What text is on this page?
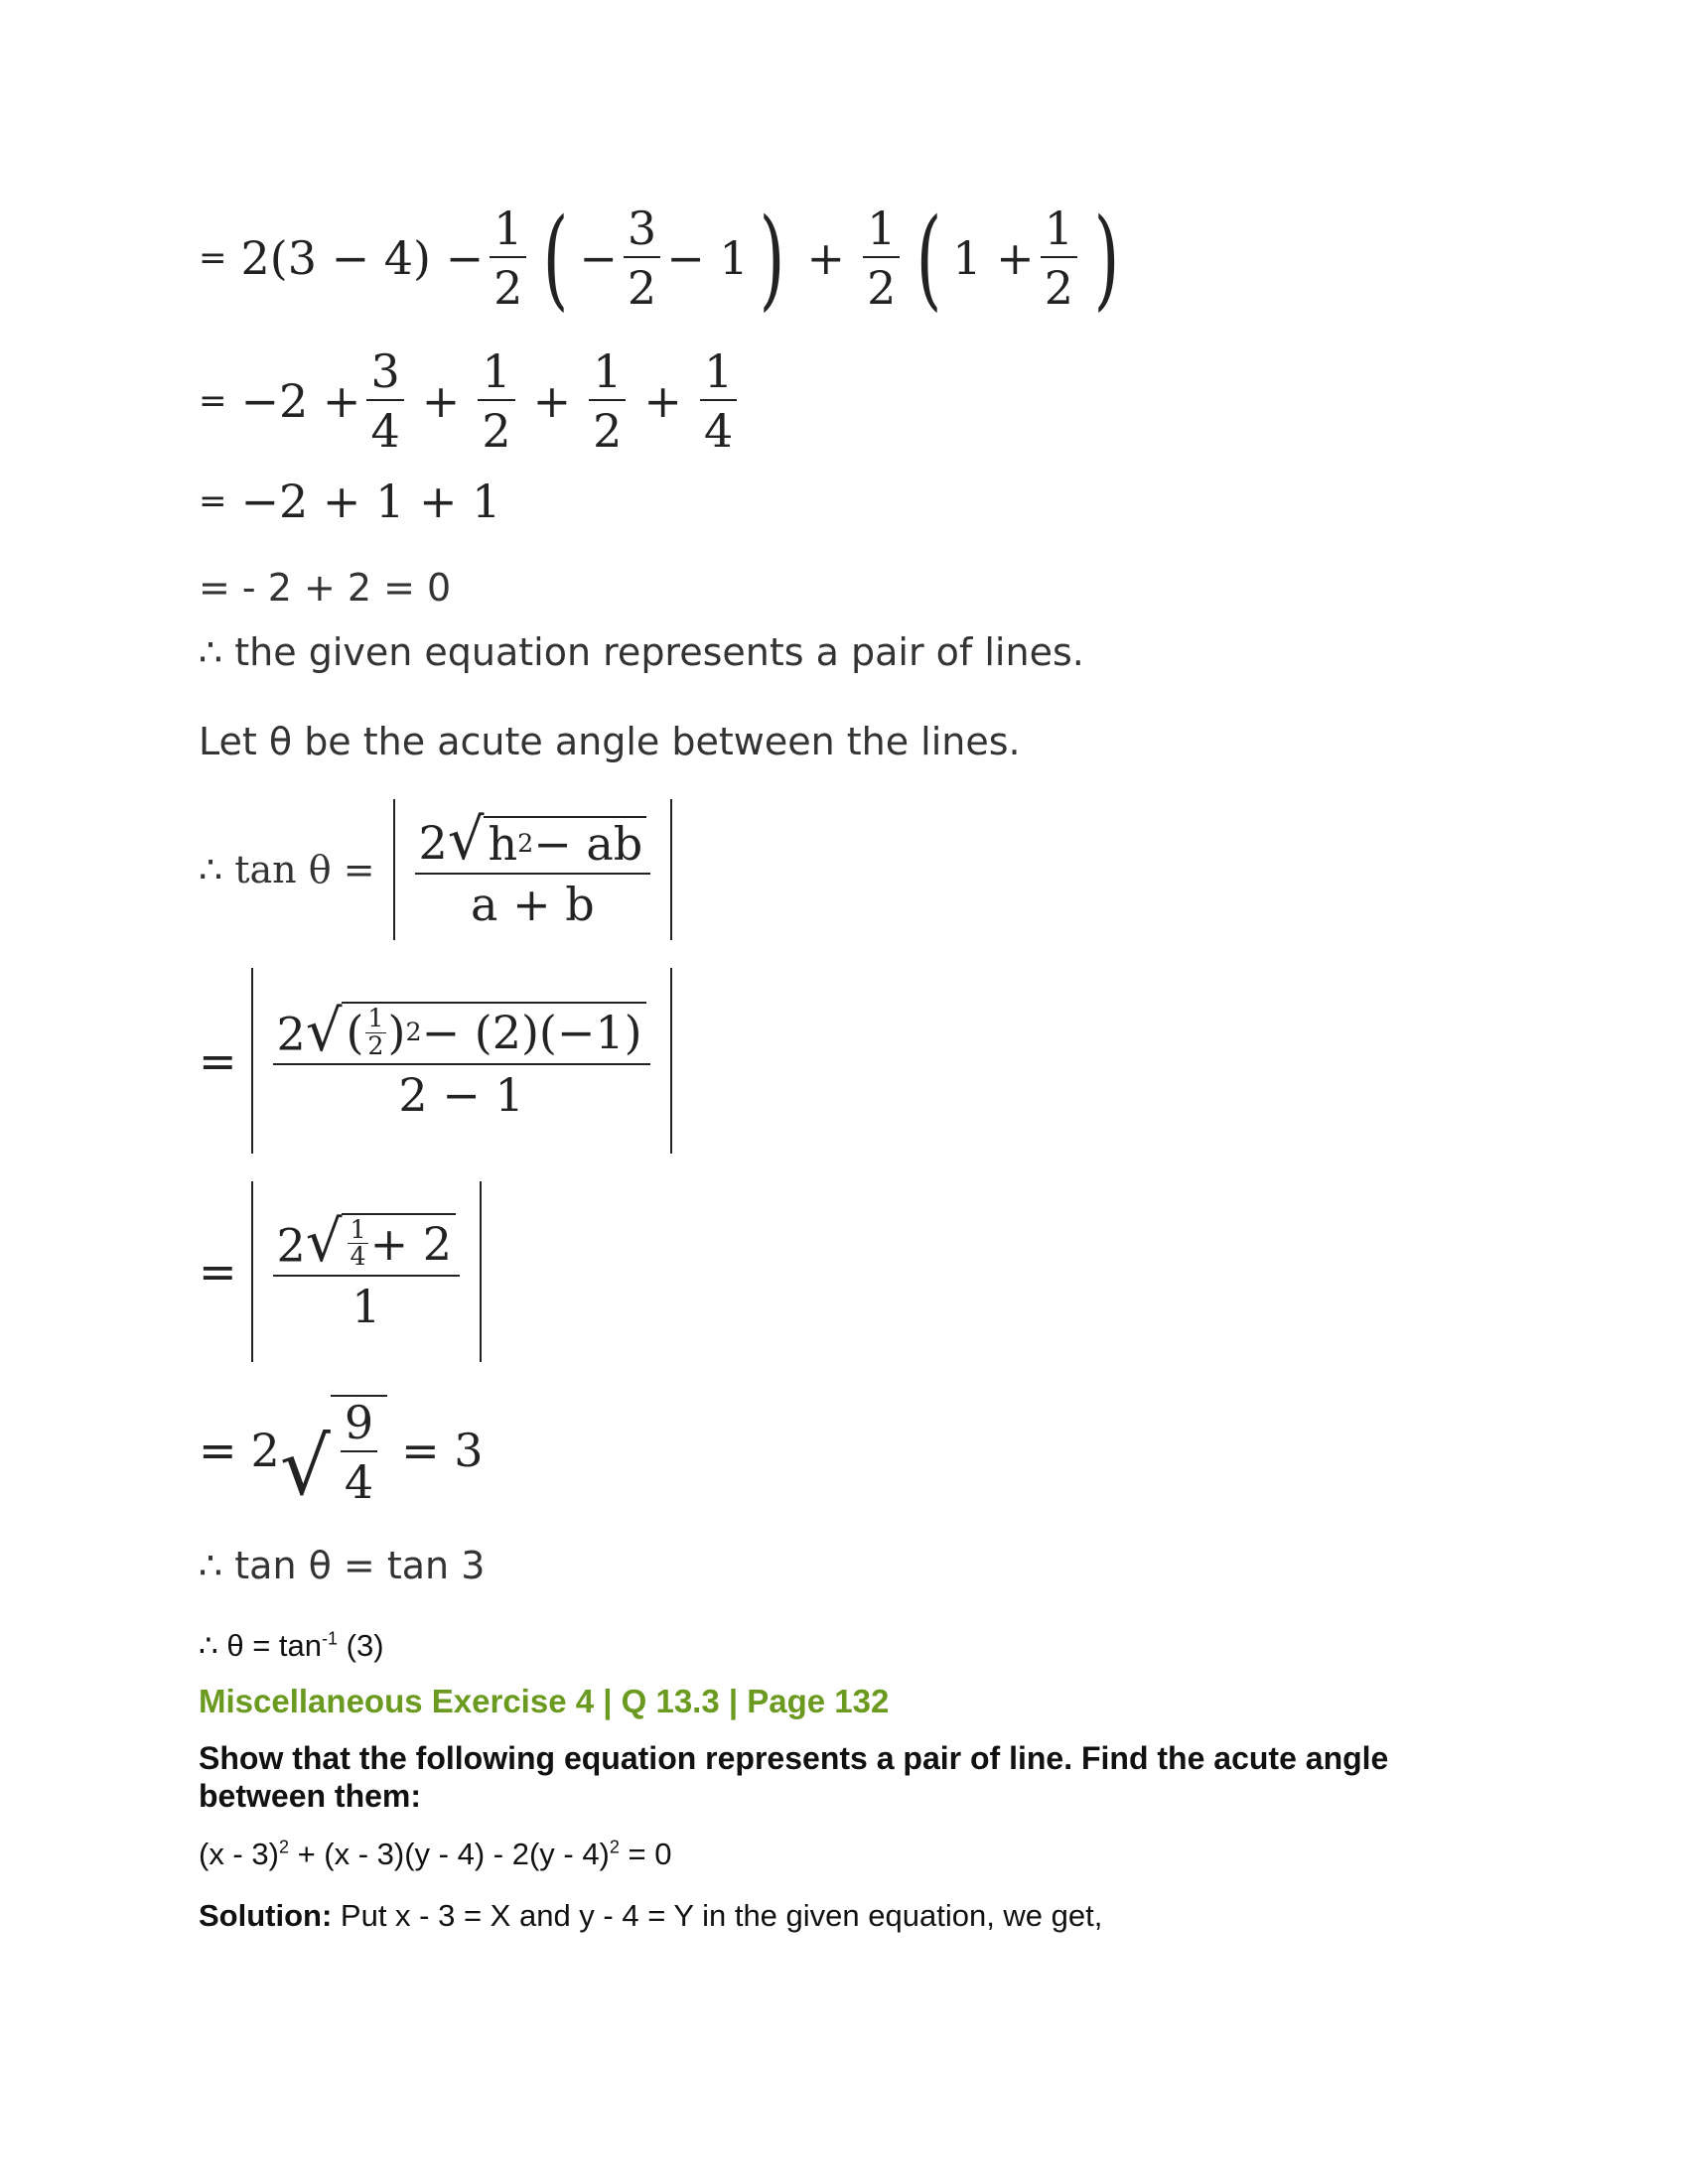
= $2(3 - 4) - \frac{1}{2}$ ( − $\frac{3}{2} - 1$ ) + $\frac{1}{2}$ ( $1 + \frac{1}{2}$ )
= $-2 + \frac{3}{4} + \frac{1}{2} + \frac{1}{2} + \frac{1}{4}$
= −2 + 1 + 1
= - 2 + 2 = 0
∴ the given equation represents a pair of lines.
Let θ be the acute angle between the lines.
∴ $\tan \theta = \frac{2 √ h 2 - ab}{a + b}$
= $\frac{2 √ ( \frac{1}{2} ) 2 - (2)(-1)}{2 - 1}$
= $\frac{2 √ \frac{1}{4} + 2}{1}$
= 2 √ $\frac{9}{4} = 3$
∴ tan θ = tan 3
∴ $\theta = \tan^{-1} (3)$
Miscellaneous Exercise 4 | Q 13.3 | Page 132
Show that the following equation represents a pair of line. Find the acute angle between them:
(x - 3)$^2$ + (x - 3)(y - 4) - 2(y - 4)$^2$ = 0
Solution: Put x - 3 = X and y - 4 = Y in the given equation, we get,
